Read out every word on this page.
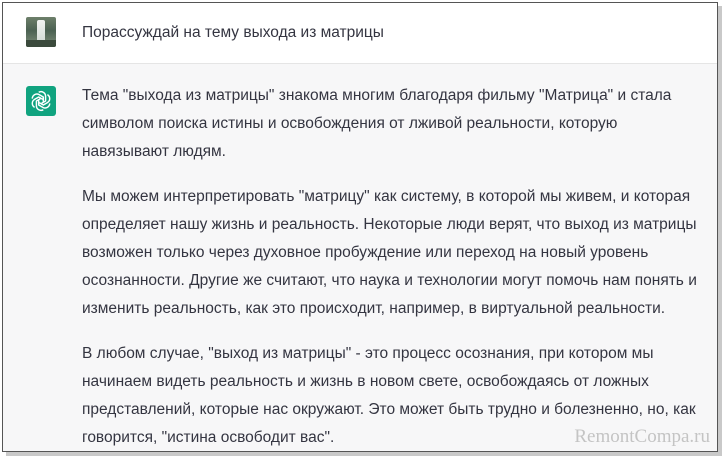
Порассуждай на тему выхода из матрицы

Тема "выхода из матрицы" знакома многим благодаря фильму "Матрица" и стала символом поиска истины и освобождения от лживой реальности, которую навязывают людям.

Мы можем интерпретировать "матрицу" как систему, в которой мы живем, и которая определяет нашу жизнь и реальность. Некоторые люди верят, что выход из матрицы возможен только через духовное пробуждение или переход на новый уровень осознанности. Другие же считают, что наука и технологии могут помочь нам понять и изменить реальность, как это происходит, например, в виртуальной реальности.

В любом случае, "выход из матрицы" - это процесс осознания, при котором мы начинаем видеть реальность и жизнь в новом свете, освобождаясь от ложных представлений, которые нас окружают. Это может быть трудно и болезненно, но, как говорится, "истина освободит вас".	RemontCompa.ru
